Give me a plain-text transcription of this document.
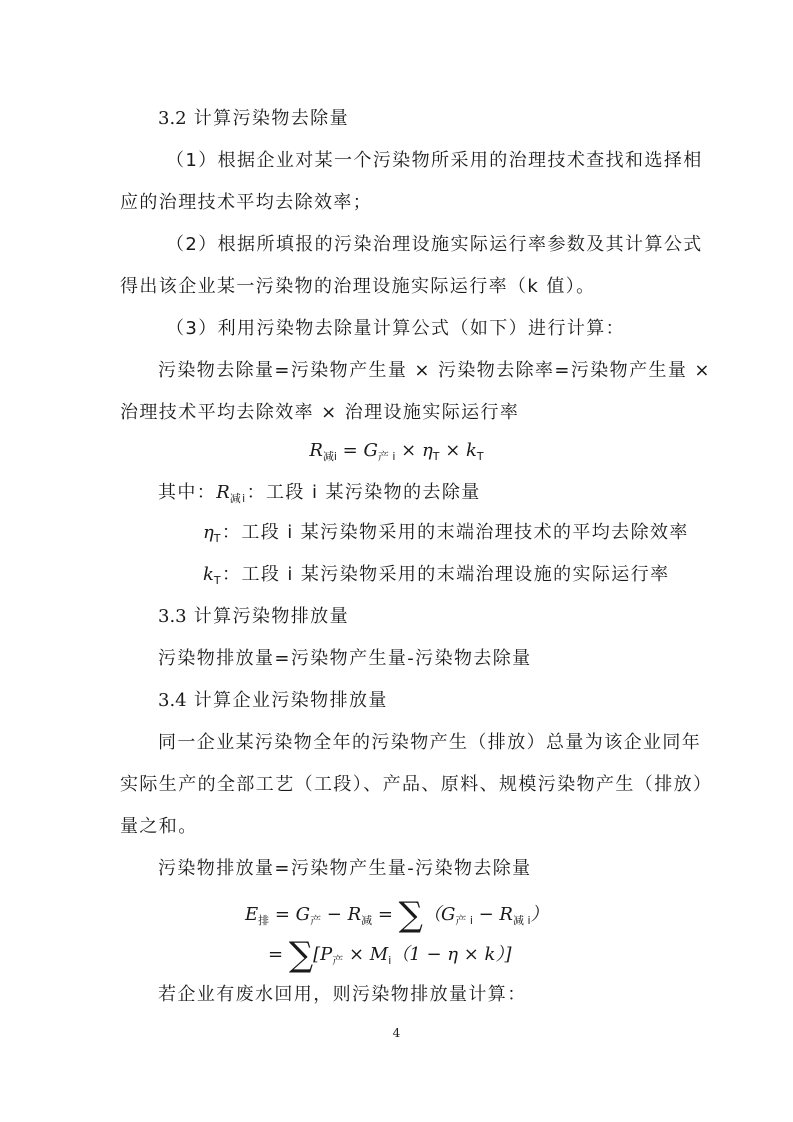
3.2 计算污染物去除量
（1）根据企业对某一个污染物所采用的治理技术查找和选择相
应的治理技术平均去除效率；
（2）根据所填报的污染治理设施实际运行率参数及其计算公式
得出该企业某一污染物的治理设施实际运行率（k 值）。
（3）利用污染物去除量计算公式（如下）进行计算：
污染物去除量=污染物产生量 × 污染物去除率=污染物产生量 ×
治理技术平均去除效率 × 治理设施实际运行率
$R_{减i} = G_{产 i} \times \eta_T \times k_T$
其中：$R_{减i}$：工段 i 某污染物的去除量
$\eta_T$：工段 i 某污染物采用的末端治理技术的平均去除效率
$k_T$：工段 i 某污染物采用的末端治理设施的实际运行率
3.3 计算污染物排放量
污染物排放量=污染物产生量-污染物去除量
3.4 计算企业污染物排放量
同一企业某污染物全年的污染物产生（排放）总量为该企业同年
实际生产的全部工艺（工段）、产品、原料、规模污染物产生（排放）
量之和。
污染物排放量=污染物产生量-污染物去除量
$E_排 = G_产 - R_减 = \sum(G_{产 i} - R_{减 i})$
= $\sum[P_产 \times M_i(1 - \eta \times k)]$
若企业有废水回用，则污染物排放量计算：
4
